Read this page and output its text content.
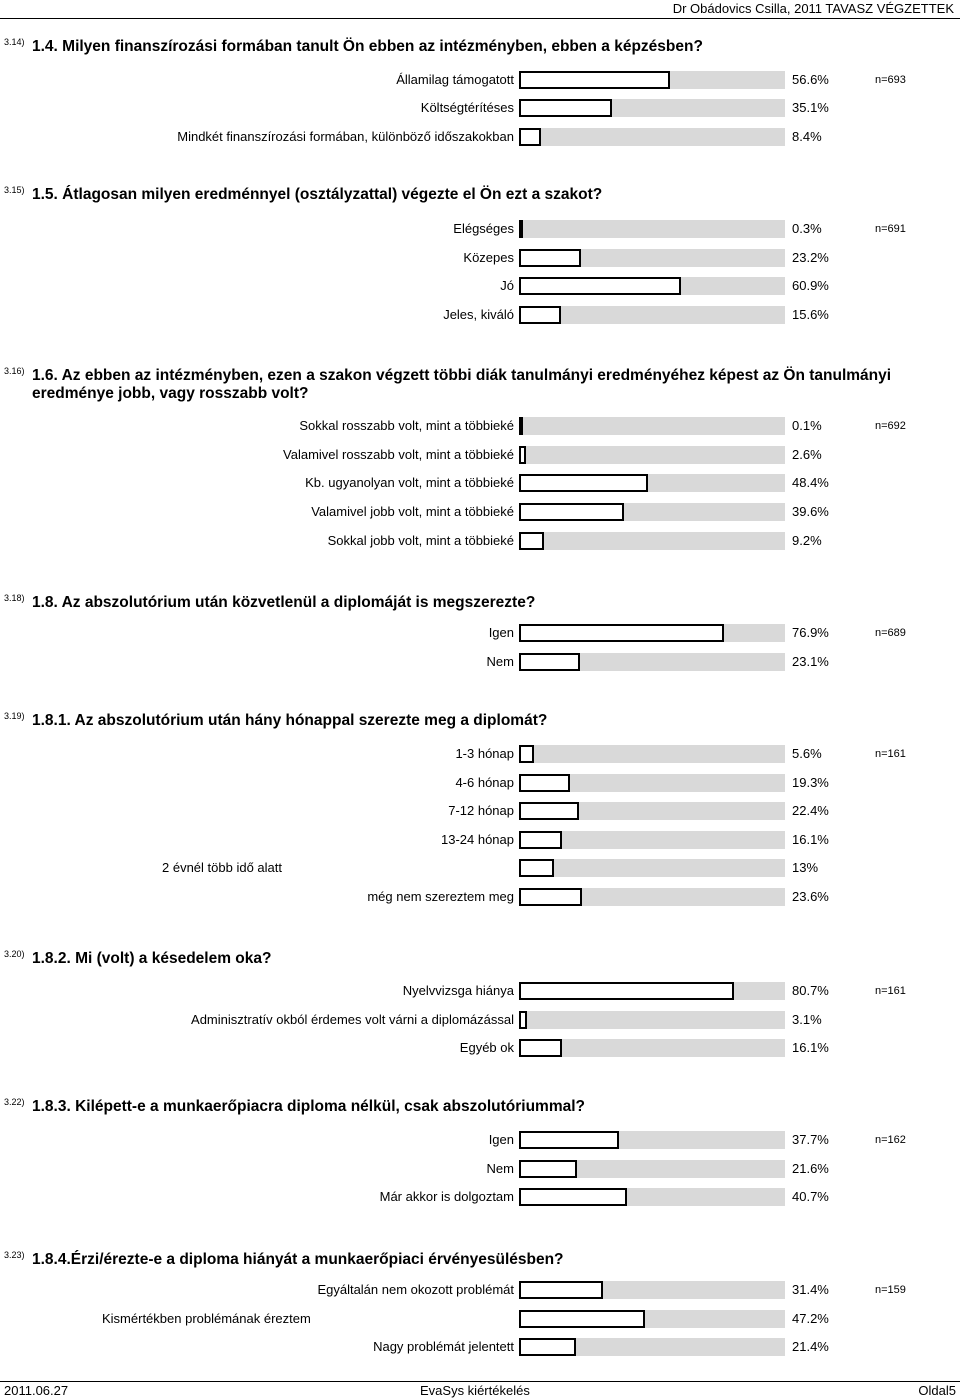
Dr Obádovics Csilla, 2011 TAVASZ VÉGZETTEK
3.14) 1.4. Milyen finanszírozási formában tanult Ön ebben az intézményben, ebben a képzésben?
Államilag támogatott	56.6%
Költségtérítéses	35.1%
Mindkét finanszírozási formában, különböző időszakokban	8.4%
n=693
3.15) 1.5. Átlagosan milyen eredménnyel (osztályzattal) végezte el Ön ezt a szakot?
Elégséges	0.3%
Közepes	23.2%
Jó	60.9%
Jeles, kiváló	15.6%
n=691
3.16) 1.6. Az ebben az intézményben, ezen a szakon végzett többi diák tanulmányi eredményéhez képest az Ön tanulmányi eredménye jobb, vagy rosszabb volt?
Sokkal rosszabb volt, mint a többieké	0.1%
Valamivel rosszabb volt, mint a többieké	2.6%
Kb. ugyanolyan volt, mint a többieké	48.4%
Valamivel jobb volt, mint a többieké	39.6%
Sokkal jobb volt, mint a többieké	9.2%
n=692
3.18) 1.8. Az abszolutórium után közvetlenül a diplomáját is megszerezte?
Igen	76.9%
Nem	23.1%
n=689
3.19) 1.8.1. Az abszolutórium után hány hónappal szerezte meg a diplomát?
1-3 hónap	5.6%
4-6 hónap	19.3%
7-12 hónap	22.4%
13-24 hónap	16.1%
2 évnél több idő alatt	13%
még nem szereztem meg	23.6%
n=161
3.20) 1.8.2. Mi (volt) a késedelem oka?
Nyelvvizsga hiánya	80.7%
Adminisztratív okból érdemes volt várni a diplomázással	3.1%
Egyéb ok	16.1%
n=161
3.22) 1.8.3. Kilépett-e a munkaerőpiacra diploma nélkül, csak abszolutóriummal?
Igen	37.7%
Nem	21.6%
Már akkor is dolgoztam	40.7%
n=162
3.23) 1.8.4.Érzi/érezte-e a diploma hiányát a munkaerőpiaci érvényesülésben?
Egyáltalán nem okozott problémát	31.4%
Kismértékben problémának éreztem	47.2%
Nagy problémát jelentett	21.4%
n=159
2011.06.27	EvaSys kiértékelés	Oldal5
